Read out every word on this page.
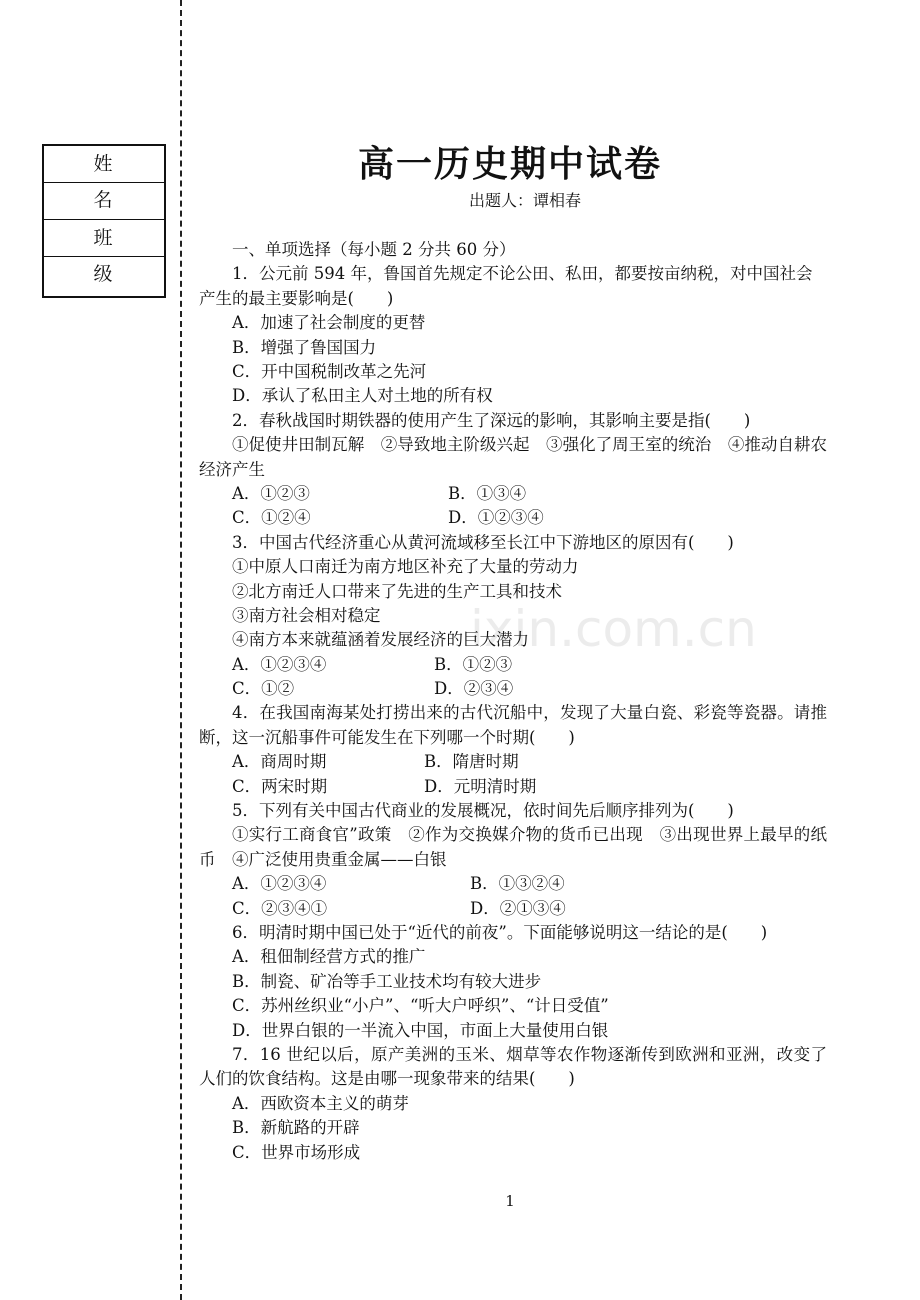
姓　名
班　级
高一历史期中试卷
出题人：谭相春
ixin.com.cn
一、单项选择（每小题 2 分共 60 分）
1．公元前 594 年，鲁国首先规定不论公田、私田，都要按亩纳税，对中国社会产生的最主要影响是(　　)
A．加速了社会制度的更替
B．增强了鲁国国力
C．开中国税制改革之先河
D．承认了私田主人对土地的所有权
2．春秋战国时期铁器的使用产生了深远的影响，其影响主要是指(　　)
①促使井田制瓦解　②导致地主阶级兴起　③强化了周王室的统治　④推动自耕农经济产生
A．①②③	B．①③④
C．①②④	D．①②③④
3．中国古代经济重心从黄河流域移至长江中下游地区的原因有(　　)
①中原人口南迁为南方地区补充了大量的劳动力
②北方南迁人口带来了先进的生产工具和技术
③南方社会相对稳定
④南方本来就蕴涵着发展经济的巨大潜力
A．①②③④	B．①②③
C．①②	D．②③④
4．在我国南海某处打捞出来的古代沉船中，发现了大量白瓷、彩瓷等瓷器。请推断，这一沉船事件可能发生在下列哪一个时期(　　)
A．商周时期	B．隋唐时期
C．两宋时期	D．元明清时期
5．下列有关中国古代商业的发展概况，依时间先后顺序排列为(　　)
①实行工商食官”政策　②作为交换媒介物的货币已出现　③出现世界上最早的纸币　④广泛使用贵重金属——白银
A．①②③④	B．①③②④
C．②③④①	D．②①③④
6．明清时期中国已处于“近代的前夜”。下面能够说明这一结论的是(　　)
A．租佃制经营方式的推广
B．制瓷、矿冶等手工业技术均有较大进步
C．苏州丝织业“小户”、“听大户呼织”、“计日受值”
D．世界白银的一半流入中国，市面上大量使用白银
7．16 世纪以后，原产美洲的玉米、烟草等农作物逐渐传到欧洲和亚洲，改变了人们的饮食结构。这是由哪一现象带来的结果(　　)
A．西欧资本主义的萌芽
B．新航路的开辟
C．世界市场形成
1
